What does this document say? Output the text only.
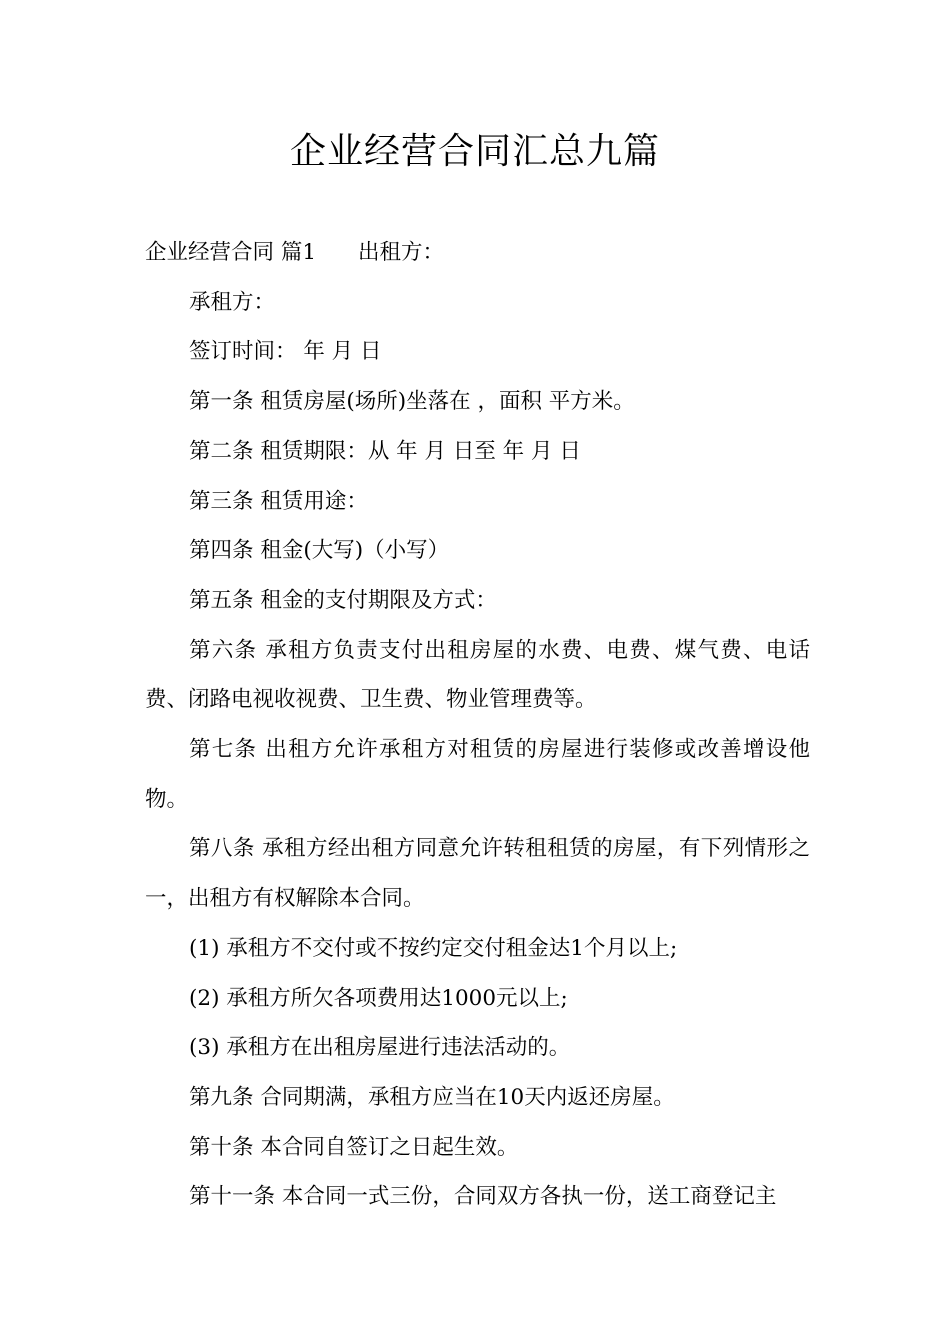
企业经营合同汇总九篇

企业经营合同 篇1 出租方：

承租方：

签订时间： 年 月 日

第一条 租赁房屋(场所)坐落在 ，面积 平方米。

第二条 租赁期限：从 年 月 日至 年 月 日

第三条 租赁用途：

第四条 租金(大写)（小写）

第五条 租金的支付期限及方式：

第六条 承租方负责支付出租房屋的水费、电费、煤气费、电话费、闭路电视收视费、卫生费、物业管理费等。

第七条 出租方允许承租方对租赁的房屋进行装修或改善增设他物。

第八条 承租方经出租方同意允许转租租赁的房屋，有下列情形之一，出租方有权解除本合同。

(1) 承租方不交付或不按约定交付租金达1个月以上;

(2) 承租方所欠各项费用达1000元以上;

(3) 承租方在出租房屋进行违法活动的。

第九条 合同期满，承租方应当在10天内返还房屋。

第十条 本合同自签订之日起生效。

第十一条 本合同一式三份，合同双方各执一份，送工商登记主
